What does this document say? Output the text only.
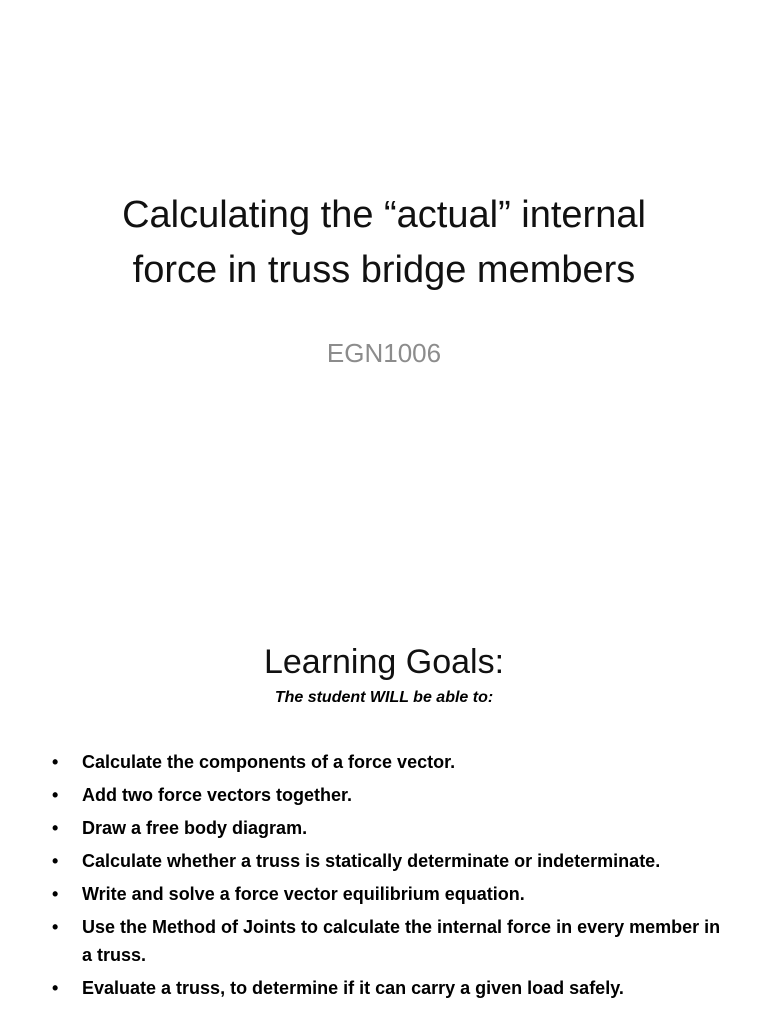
Calculating the “actual” internal
force in truss bridge members
EGN1006
Learning Goals:
The student WILL be able to:
• Calculate the components of a force vector.
• Add two force vectors together.
• Draw a free body diagram.
• Calculate whether a truss is statically determinate or indeterminate.
• Write and solve a force vector equilibrium equation.
• Use the Method of Joints to calculate the internal force in every member in a truss.
• Evaluate a truss, to determine if it can carry a given load safely.
